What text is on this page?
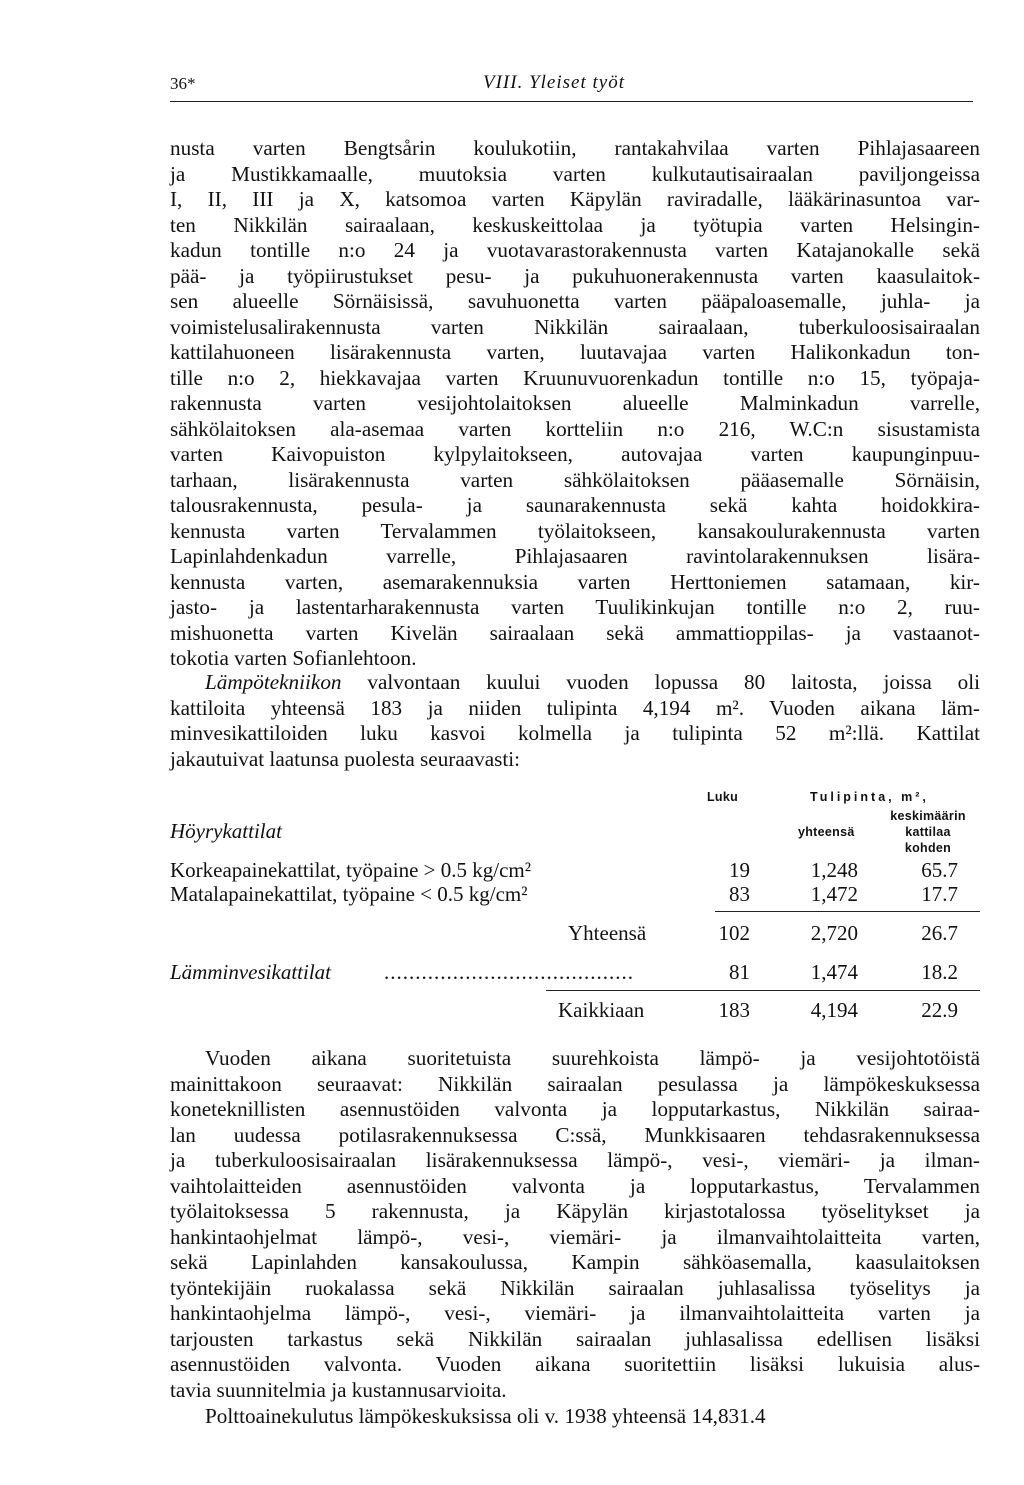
36*	VIII. Yleiset työt
nusta varten Bengtsårin koulukotiin, rantakahvilaa varten Pihlajasaareen
ja Mustikkamaalle, muutoksia varten kulkutautisairaalan paviljongeissa
I, II, III ja X, katsomoa varten Käpylän raviradalle, lääkärinasuntoa var-
ten Nikkilän sairaalaan, keskuskeittolaa ja työtupia varten Helsingin-
kadun tontille n:o 24 ja vuotavarastorakennusta varten Katajanokalle sekä
pää- ja työpiirustukset pesu- ja pukuhuonerakennusta varten kaasulaitok-
sen alueelle Sörnäisissä, savuhuonetta varten pääpaloasemalle, juhla- ja
voimistelusalirakennusta varten Nikkilän sairaalaan, tuberkuloosisairaalan
kattilahuoneen lisärakennusta varten, luutavajaa varten Halikonkadun ton-
tille n:o 2, hiekkavajaa varten Kruunuvuorenkadun tontille n:o 15, työpaja-
rakennusta varten vesijohtolaitoksen alueelle Malminkadun varrelle,
sähkölaitoksen ala-asemaa varten kortteliin n:o 216, W.C:n sisustamista
varten Kaivopuiston kylpylaitokseen, autovajaa varten kaupunginpuu-
tarhaan, lisärakennusta varten sähkölaitoksen pääasemalle Sörnäisin,
talousrakennusta, pesula- ja saunarakennusta sekä kahta hoidokkira-
kennusta varten Tervalammen työlaitokseen, kansakoulurakennusta varten
Lapinlahdenkadun varrelle, Pihlajasaaren ravintolarakennuksen lisära-
kennusta varten, asemarakennuksia varten Herttoniemen satamaan, kir-
jasto- ja lastentarharakennusta varten Tuulikinkujan tontille n:o 2, ruu-
mishuonetta varten Kivelän sairaalaan sekä ammattioppilas- ja vastaanot-
tokotia varten Sofianlehtoon.
Lämpötekniikon valvontaan kuului vuoden lopussa 80 laitosta, joissa oli
kattiloita yhteensä 183 ja niiden tulipinta 4,194 m². Vuoden aikana läm-
minvesikattiloiden luku kasvoi kolmella ja tulipinta 52 m²:llä. Kattilat
jakautuivat laatunsa puolesta seuraavasti:
Luku	Tulipinta, m²,
yhteensä
keskimäärin
kattilaa
kohden
Höyrykattilat
Korkeapainekattilat, työpaine > 0.5 kg/cm²	19	1,248	65.7
Matalapainekattilat, työpaine < 0.5 kg/cm²	83	1,472	17.7
Yhteensä	102	2,720	26.7
Lämminvesikattilat	........................................	81	1,474	18.2
Kaikkiaan	183	4,194	22.9
Vuoden aikana suoritetuista suurehkoista lämpö- ja vesijohtotöistä
mainittakoon seuraavat: Nikkilän sairaalan pesulassa ja lämpökeskuksessa
koneteknillisten asennustöiden valvonta ja lopputarkastus, Nikkilän sairaa-
lan uudessa potilasrakennuksessa C:ssä, Munkkisaaren tehdasrakennuksessa
ja tuberkuloosisairaalan lisärakennuksessa lämpö-, vesi-, viemäri- ja ilman-
vaihtolaitteiden asennustöiden valvonta ja lopputarkastus, Tervalammen
työlaitoksessa 5 rakennusta, ja Käpylän kirjastotalossa työselitykset ja
hankintaohjelmat lämpö-, vesi-, viemäri- ja ilmanvaihtolaitteita varten,
sekä Lapinlahden kansakoulussa, Kampin sähköasemalla, kaasulaitoksen
työntekijäin ruokalassa sekä Nikkilän sairaalan juhlasalissa työselitys ja
hankintaohjelma lämpö-, vesi-, viemäri- ja ilmanvaihtolaitteita varten ja
tarjousten tarkastus sekä Nikkilän sairaalan juhlasalissa edellisen lisäksi
asennustöiden valvonta. Vuoden aikana suoritettiin lisäksi lukuisia alus-
tavia suunnitelmia ja kustannusarvioita.
Polttoainekulutus lämpökeskuksissa oli v. 1938 yhteensä 14,831.4
